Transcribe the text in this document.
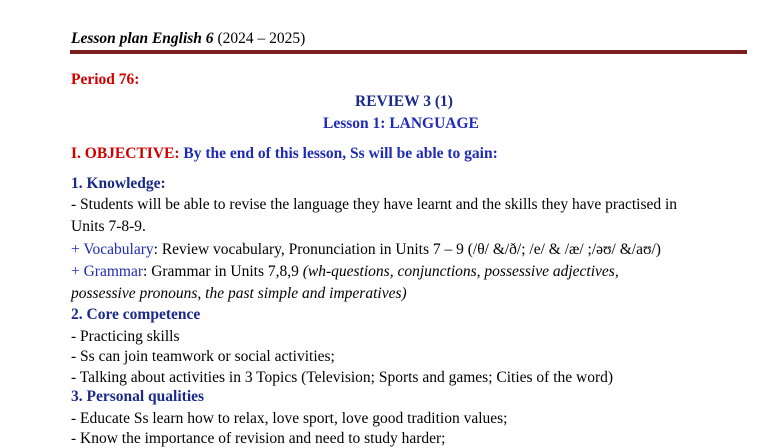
Lesson plan English 6 (2024 – 2025)
Period 76:
REVIEW 3 (1)
Lesson 1: LANGUAGE
I. OBJECTIVE: By the end of this lesson, Ss will be able to gain:
1. Knowledge:
- Students will be able to revise the language they have learnt and the skills they have practised in
Units 7-8-9.
+ Vocabulary: Review vocabulary, Pronunciation in Units 7 – 9 (/θ/ &/ð/; /e/ & /æ/ ;/əʊ/ &/aʊ/)
+ Grammar: Grammar in Units 7,8,9 (wh-questions, conjunctions, possessive adjectives,
possessive pronouns, the past simple and imperatives)
2. Core competence
- Practicing skills
- Ss can join teamwork or social activities;
- Talking about activities in 3 Topics (Television; Sports and games; Cities of the word)
3. Personal qualities
- Educate Ss learn how to relax, love sport, love good tradition values;
- Know the importance of revision and need to study harder;
